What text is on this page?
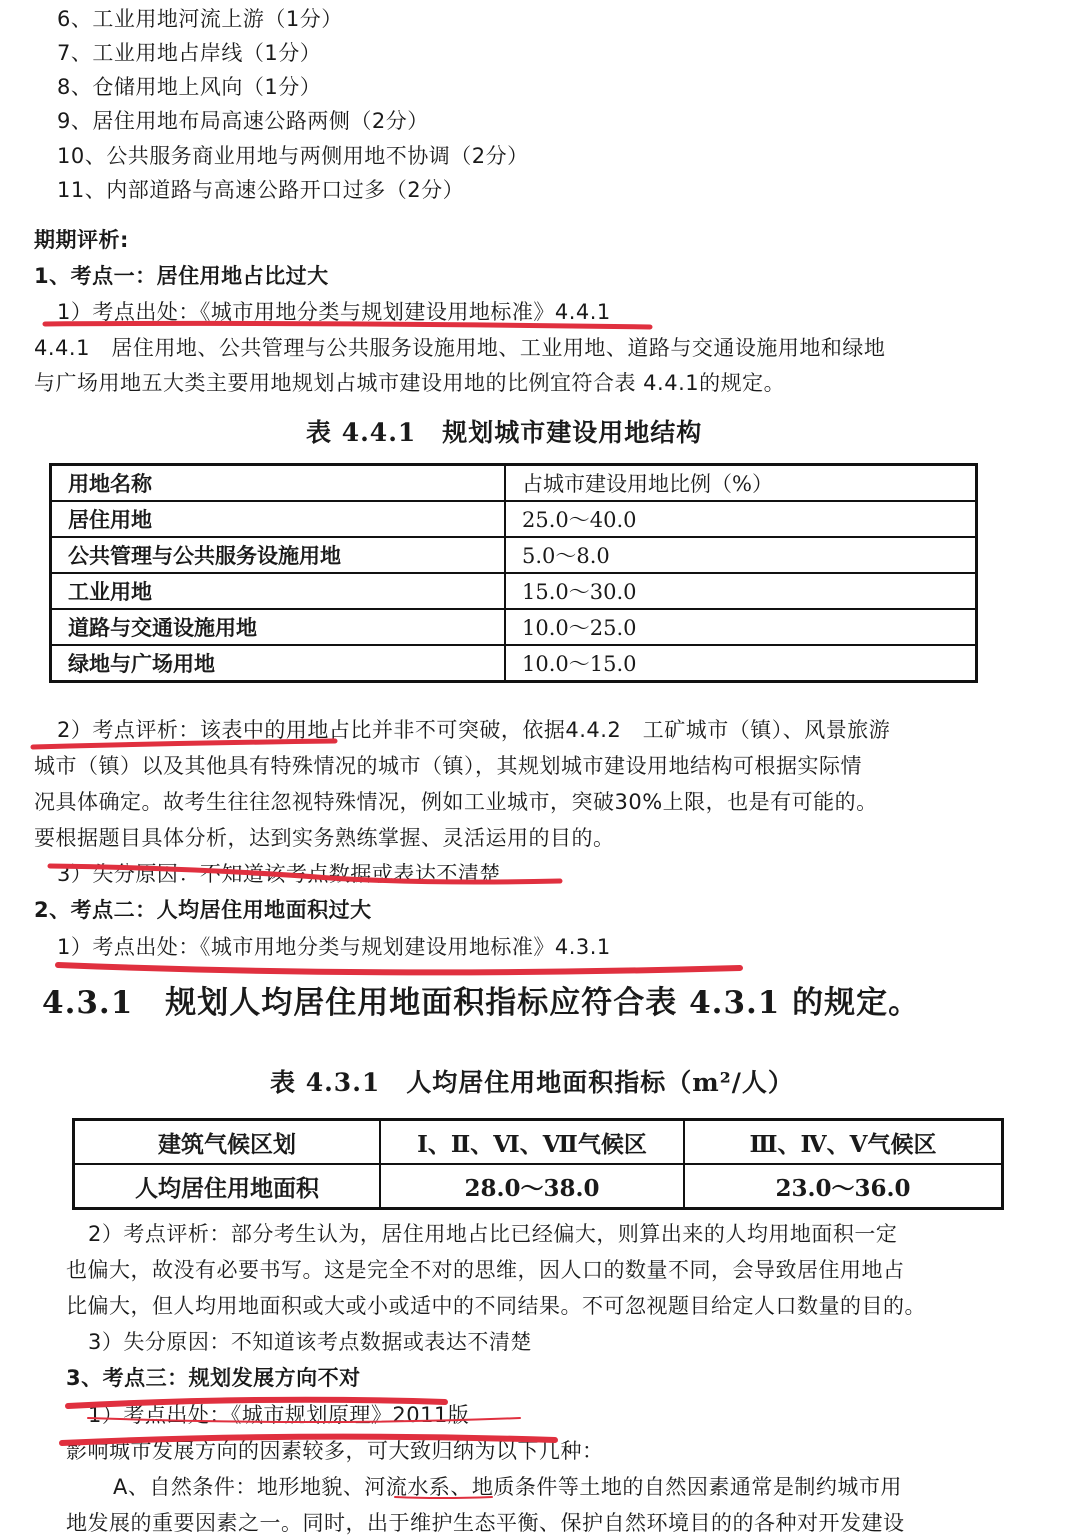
6、工业用地河流上游（1分）
7、工业用地占岸线（1分）
8、仓储用地上风向（1分）
9、居住用地布局高速公路两侧（2分）
10、公共服务商业用地与两侧用地不协调（2分）
11、内部道路与高速公路开口过多（2分）
期期评析:
1、考点一：居住用地占比过大
1）考点出处：《城市用地分类与规划建设用地标准》4.4.1
4.4.1　居住用地、公共管理与公共服务设施用地、工业用地、道路与交通设施用地和绿地
与广场用地五大类主要用地规划占城市建设用地的比例宜符合表 4.4.1的规定。
表 4.4.1　规划城市建设用地结构
用地名称	占城市建设用地比例（%）
居住用地	25.0～40.0
公共管理与公共服务设施用地	5.0～8.0
工业用地	15.0～30.0
道路与交通设施用地	10.0～25.0
绿地与广场用地	10.0～15.0
2）考点评析：该表中的用地占比并非不可突破，依据4.4.2　工矿城市（镇）、风景旅游
城市（镇）以及其他具有特殊情况的城市（镇），其规划城市建设用地结构可根据实际情
况具体确定。故考生往往忽视特殊情况，例如工业城市，突破30%上限，也是有可能的。
要根据题目具体分析，达到实务熟练掌握、灵活运用的目的。
3）失分原因：不知道该考点数据或表达不清楚
2、考点二：人均居住用地面积过大
1）考点出处：《城市用地分类与规划建设用地标准》4.3.1
4.3.1　规划人均居住用地面积指标应符合表 4.3.1 的规定。
表 4.3.1　人均居住用地面积指标（m²/人）
建筑气候区划	Ⅰ、Ⅱ、Ⅵ、Ⅶ气候区	Ⅲ、Ⅳ、Ⅴ气候区
人均居住用地面积	28.0～38.0	23.0～36.0
2）考点评析：部分考生认为，居住用地占比已经偏大，则算出来的人均用地面积一定
也偏大，故没有必要书写。这是完全不对的思维，因人口的数量不同，会导致居住用地占
比偏大，但人均用地面积或大或小或适中的不同结果。不可忽视题目给定人口数量的目的。
3）失分原因：不知道该考点数据或表达不清楚
3、考点三：规划发展方向不对
1）考点出处：《城市规划原理》2011版
影响城市发展方向的因素较多，可大致归纳为以下几种：
A、自然条件：地形地貌、河流水系、地质条件等土地的自然因素通常是制约城市用
地发展的重要因素之一。同时，出于维护生态平衡、保护自然环境目的的各种对开发建设
